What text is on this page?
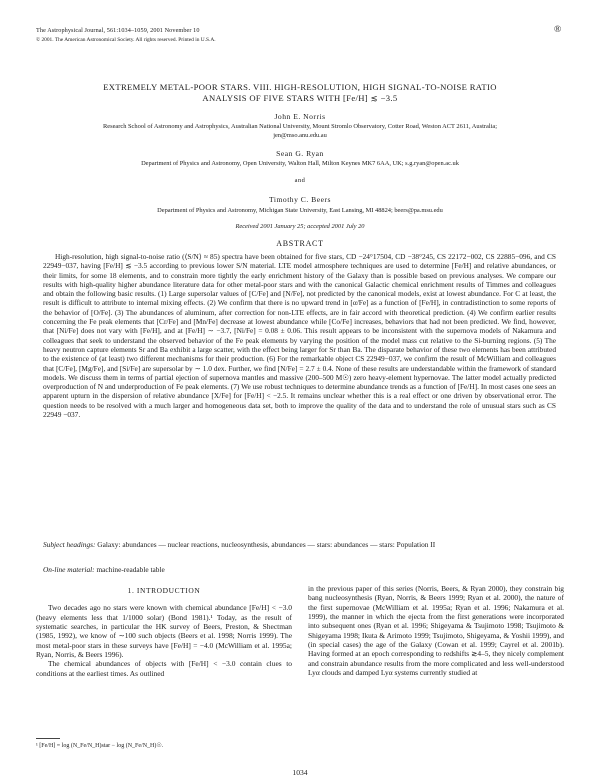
The Astrophysical Journal, 561:1034–1059, 2001 November 10
© 2001. The American Astronomical Society. All rights reserved. Printed in U.S.A.
®
EXTREMELY METAL-POOR STARS. VIII. HIGH-RESOLUTION, HIGH SIGNAL-TO-NOISE RATIO
ANALYSIS OF FIVE STARS WITH [Fe/H] ≲ −3.5
John E. Norris
Research School of Astronomy and Astrophysics, Australian National University, Mount Stromlo Observatory, Cotter Road, Weston ACT 2611, Australia;
jen@mso.anu.edu.au
Sean G. Ryan
Department of Physics and Astronomy, Open University, Walton Hall, Milton Keynes MK7 6AA, UK; s.g.ryan@open.ac.uk
and
Timothy C. Beers
Department of Physics and Astronomy, Michigan State University, East Lansing, MI 48824; beers@pa.msu.edu
Received 2001 January 25; accepted 2001 July 20
ABSTRACT
High-resolution, high signal-to-noise ratio (⟨S/N⟩ ≈ 85) spectra have been obtained for five stars, CD −24°17504, CD −38°245, CS 22172−002, CS 22885−096, and CS 22949−037, having [Fe/H] ≲ −3.5 according to previous lower S/N material. LTE model atmosphere techniques are used to determine [Fe/H] and relative abundances, or their limits, for some 18 elements, and to constrain more tightly the early enrichment history of the Galaxy than is possible based on previous analyses. We compare our results with high-quality higher abundance literature data for other metal-poor stars and with the canonical Galactic chemical enrichment results of Timmes and colleagues and obtain the following basic results. (1) Large supersolar values of [C/Fe] and [N/Fe], not predicted by the canonical models, exist at lowest abundance. For C at least, the result is difficult to attribute to internal mixing effects. (2) We confirm that there is no upward trend in [α/Fe] as a function of [Fe/H], in contradistinction to some reports of the behavior of [O/Fe]. (3) The abundances of aluminum, after correction for non-LTE effects, are in fair accord with theoretical prediction. (4) We confirm earlier results concerning the Fe peak elements that [Cr/Fe] and [Mn/Fe] decrease at lowest abundance while [Co/Fe] increases, behaviors that had not been predicted. We find, however, that [Ni/Fe] does not vary with [Fe/H], and at [Fe/H] ∼ −3.7, [Ni/Fe] = 0.08 ± 0.06. This result appears to be inconsistent with the supernova models of Nakamura and colleagues that seek to understand the observed behavior of the Fe peak elements by varying the position of the model mass cut relative to the Si-burning regions. (5) The heavy neutron capture elements Sr and Ba exhibit a large scatter, with the effect being larger for Sr than Ba. The disparate behavior of these two elements has been attributed to the existence of (at least) two different mechanisms for their production. (6) For the remarkable object CS 22949−037, we confirm the result of McWilliam and colleagues that [C/Fe], [Mg/Fe], and [Si/Fe] are supersolar by ∼ 1.0 dex. Further, we find [N/Fe] = 2.7 ± 0.4. None of these results are understandable within the framework of standard models. We discuss them in terms of partial ejection of supernova mantles and massive (200–500 M☉) zero heavy-element hypernovae. The latter model actually predicted overproduction of N and underproduction of Fe peak elements. (7) We use robust techniques to determine abundance trends as a function of [Fe/H]. In most cases one sees an apparent upturn in the dispersion of relative abundance [X/Fe] for [Fe/H] < −2.5. It remains unclear whether this is a real effect or one driven by observational error. The question needs to be resolved with a much larger and homogeneous data set, both to improve the quality of the data and to understand the role of unusual stars such as CS 22949 −037.
Subject headings: Galaxy: abundances — nuclear reactions, nucleosynthesis, abundances — stars: abundances — stars: Population II
On-line material: machine-readable table
1. INTRODUCTION

Two decades ago no stars were known with chemical abundance [Fe/H] < −3.0 (heavy elements less that 1/1000 solar) (Bond 1981).¹ Today, as the result of systematic searches, in particular the HK survey of Beers, Preston, & Shectman (1985, 1992), we know of ∼100 such objects (Beers et al. 1998; Norris 1999). The most metal-poor stars in these surveys have [Fe/H] = −4.0 (McWilliam et al. 1995a; Ryan, Norris, & Beers 1996).

The chemical abundances of objects with [Fe/H] < −3.0 contain clues to conditions at the earliest times. As outlined

in the previous paper of this series (Norris, Beers, & Ryan 2000), they constrain big bang nucleosynthesis (Ryan, Norris, & Beers 1999; Ryan et al. 2000), the nature of the first supernovae (McWilliam et al. 1995a; Ryan et al. 1996; Nakamura et al. 1999), the manner in which the ejecta from the first generations were incorporated into subsequent ones (Ryan et al. 1996; Shigeyama & Tsujimoto 1998; Tsujimoto & Shigeyama 1998; Ikuta & Arimoto 1999; Tsujimoto, Shigeyama, & Yoshii 1999), and (in special cases) the age of the Galaxy (Cowan et al. 1999; Cayrel et al. 2001b). Having formed at an epoch corresponding to redshifts ≳4–5, they nicely complement and constrain abundance results from the more complicated and less well-understood Lyα clouds and damped Lyα systems currently studied at

¹ [Fe/H] = log (N_Fe/N_H)star − log (N_Fe/N_H)☉.
1034
